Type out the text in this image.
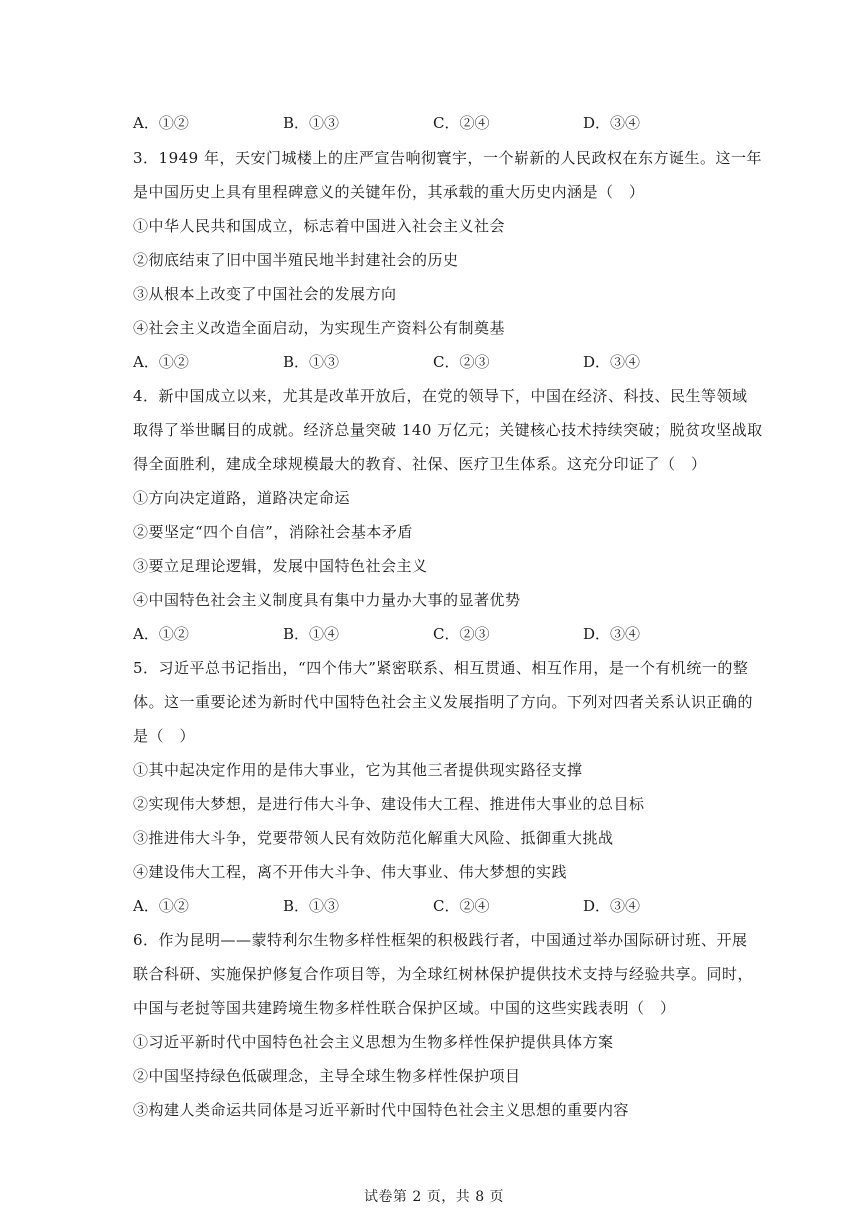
A．①②	B．①③	C．②④	D．③④
3．1949 年，天安门城楼上的庄严宣告响彻寰宇，一个崭新的人民政权在东方诞生。这一年
是中国历史上具有里程碑意义的关键年份，其承载的重大历史内涵是（　）
①中华人民共和国成立，标志着中国进入社会主义社会
②彻底结束了旧中国半殖民地半封建社会的历史
③从根本上改变了中国社会的发展方向
④社会主义改造全面启动，为实现生产资料公有制奠基
A．①②	B．①③	C．②③	D．③④
4．新中国成立以来，尤其是改革开放后，在党的领导下，中国在经济、科技、民生等领域
取得了举世瞩目的成就。经济总量突破 140 万亿元；关键核心技术持续突破；脱贫攻坚战取
得全面胜利，建成全球规模最大的教育、社保、医疗卫生体系。这充分印证了（　）
①方向决定道路，道路决定命运
②要坚定“四个自信”，消除社会基本矛盾
③要立足理论逻辑，发展中国特色社会主义
④中国特色社会主义制度具有集中力量办大事的显著优势
A．①②	B．①④	C．②③	D．③④
5．习近平总书记指出，“四个伟大”紧密联系、相互贯通、相互作用，是一个有机统一的整
体。这一重要论述为新时代中国特色社会主义发展指明了方向。下列对四者关系认识正确的
是（　）
①其中起决定作用的是伟大事业，它为其他三者提供现实路径支撑
②实现伟大梦想，是进行伟大斗争、建设伟大工程、推进伟大事业的总目标
③推进伟大斗争，党要带领人民有效防范化解重大风险、抵御重大挑战
④建设伟大工程，离不开伟大斗争、伟大事业、伟大梦想的实践
A．①②	B．①③	C．②④	D．③④
6．作为昆明——蒙特利尔生物多样性框架的积极践行者，中国通过举办国际研讨班、开展
联合科研、实施保护修复合作项目等，为全球红树林保护提供技术支持与经验共享。同时，
中国与老挝等国共建跨境生物多样性联合保护区域。中国的这些实践表明（　）
①习近平新时代中国特色社会主义思想为生物多样性保护提供具体方案
②中国坚持绿色低碳理念，主导全球生物多样性保护项目
③构建人类命运共同体是习近平新时代中国特色社会主义思想的重要内容
试卷第 2 页，共 8 页
